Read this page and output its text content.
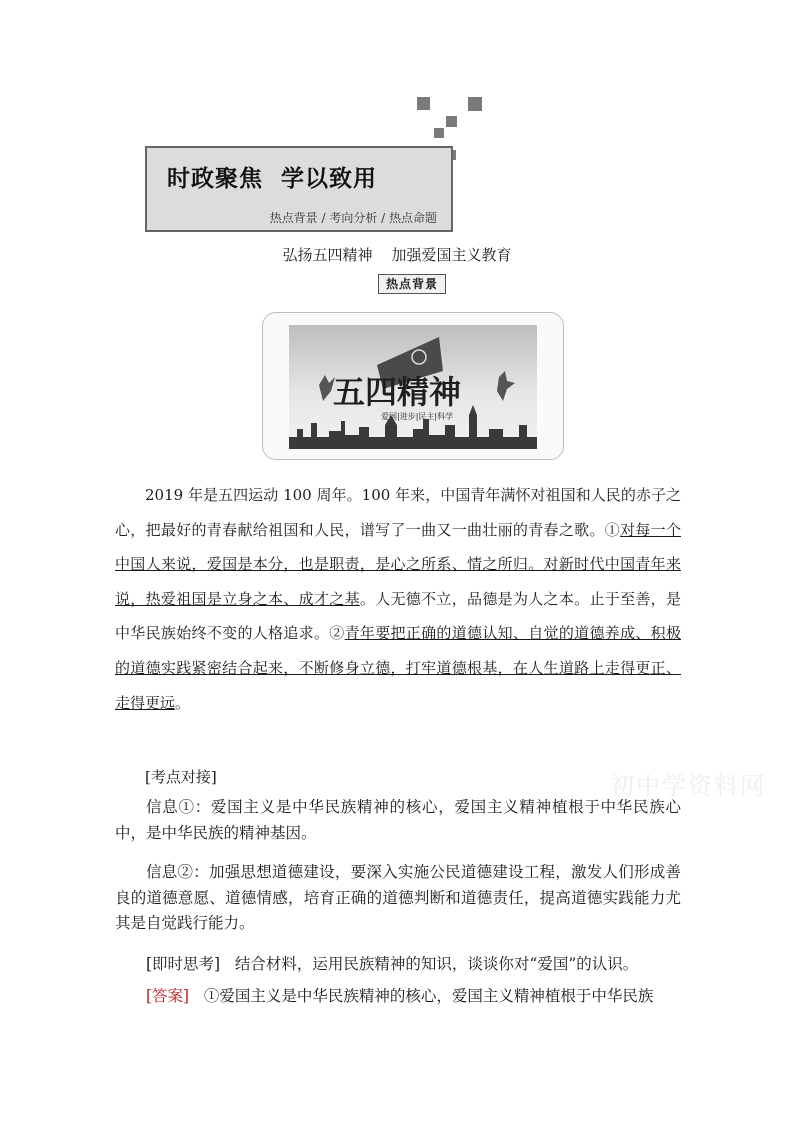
时政聚焦  学以致用
热点背景 / 考向分析 / 热点命题
弘扬五四精神    加强爱国主义教育
热点背景
五四精神
爱国|进步|民主|科学

2019 年是五四运动 100 周年。100 年来，中国青年满怀对祖国和人民的赤子之心，把最好的青春献给祖国和人民，谱写了一曲又一曲壮丽的青春之歌。①对每一个中国人来说，爱国是本分，也是职责，是心之所系、情之所归。对新时代中国青年来说，热爱祖国是立身之本、成才之基。人无德不立，品德是为人之本。止于至善，是中华民族始终不变的人格追求。②青年要把正确的道德认知、自觉的道德养成、积极的道德实践紧密结合起来，不断修身立德，打牢道德根基，在人生道路上走得更正、走得更远。

初中学资料网

[考点对接]

信息①：爱国主义是中华民族精神的核心，爱国主义精神植根于中华民族心中，是中华民族的精神基因。

信息②：加强思想道德建设，要深入实施公民道德建设工程，激发人们形成善良的道德意愿、道德情感，培育正确的道德判断和道德责任，提高道德实践能力尤其是自觉践行能力。

[即时思考]   结合材料，运用民族精神的知识，谈谈你对“爱国”的认识。

[答案]   ①爱国主义是中华民族精神的核心，爱国主义精神植根于中华民族
